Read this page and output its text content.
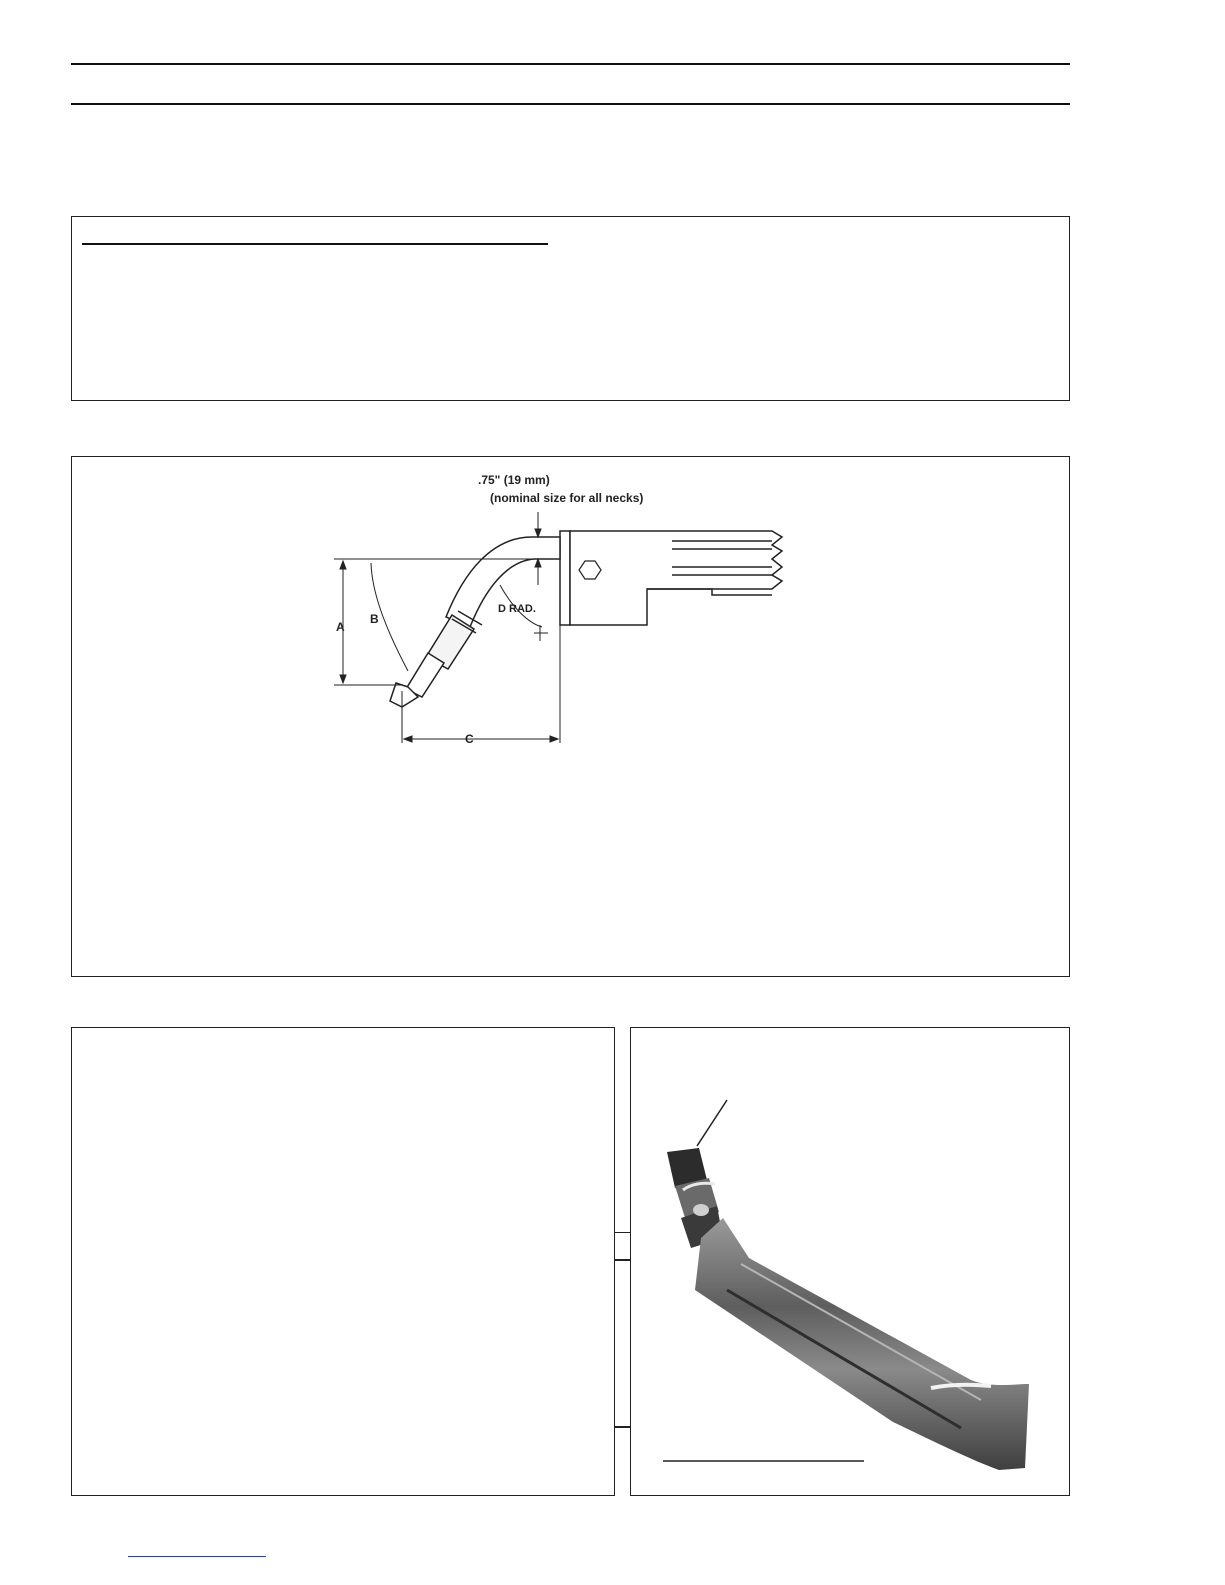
.75" (19 mm)
(nominal size for all necks)
A
B
C
D RAD.
